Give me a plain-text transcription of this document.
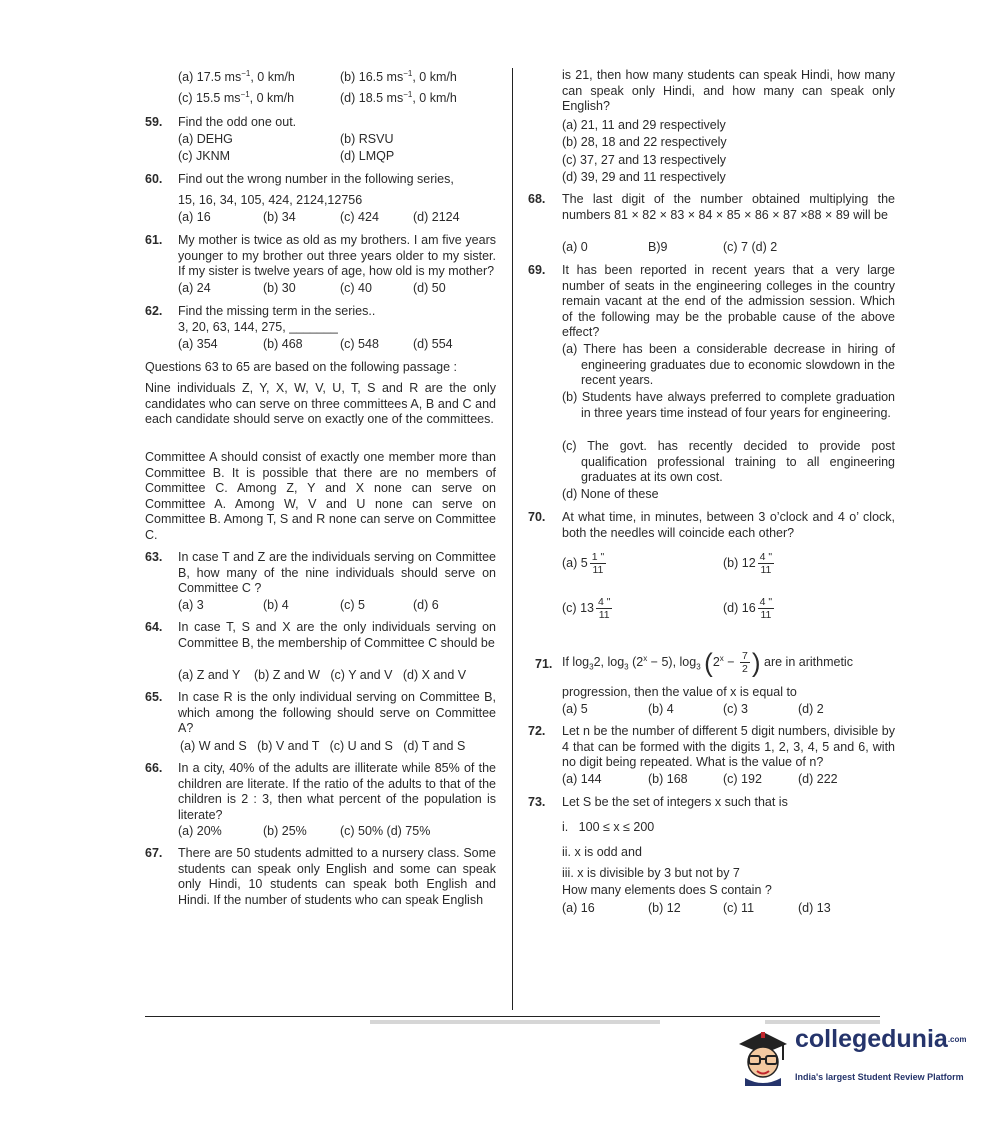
(a) 17.5 $ms^{-1}$, 0 km/h	(b) 16.5 $ms^{-1}$, 0 km/h
(c) 15.5 $ms^{-1}$, 0 km/h	(d) 18.5 $ms^{-1}$, 0 km/h
59. Find the odd one out.
(a) DEHG	(b) RSVU
(c) JKNM	(d) LMQP
60. Find out the wrong number in the following series,
15, 16, 34, 105, 424, 2124,12756
(a) 16	(b) 34	(c) 424	(d) 2124
61. My mother is twice as old as my brothers. I am five years younger to my brother out three years older to my sister. If my sister is twelve years of age, how old is my mother?
(a) 24	(b) 30	(c) 40	(d) 50
62. Find the missing term in the series..
3, 20, 63, 144, 275, _______
(a) 354	(b) 468	(c) 548	(d) 554
Questions 63 to 65 are based on the following passage :
Nine individuals Z, Y, X, W, V, U, T, S and R are the only candidates who can serve on three committees A, B and C and each candidate should serve on exactly one of the committees.
Committee A should consist of exactly one member more than Committee B. It is possible that there are no members of Committee C. Among Z, Y and X none can serve on Committee A. Among W, V and U none can serve on Committee B. Among T, S and R none can serve on Committee C.
63. In case T and Z are the individuals serving on Committee B, how many of the nine individuals should serve on Committee C ?
(a) 3	(b) 4	(c) 5	(d) 6
64. In case T, S and X are the only individuals serving on Committee B, the membership of Committee C should be
(a) Z and Y    (b) Z and W   (c) Y and V   (d) X and V
65. In case R is the only individual serving on Committee B, which among the following should serve on Committee A?
(a) W and S   (b) V and T   (c) U and S   (d) T and S
66. In a city, 40% of the adults are illiterate while 85% of the children are literate. If the ratio of the adults to that of the children is 2 : 3, then what percent of the population is literate?
(a) 20%	(b) 25%	(c) 50% (d) 75%
67. There are 50 students admitted to a nursery class. Some students can speak only English and some can speak only Hindi, 10 students can speak both English and Hindi. If the number of students who can speak English
is 21, then how many students can speak Hindi, how many can speak only Hindi, and how many can speak only English?
(a) 21, 11 and 29 respectively
(b) 28, 18 and 22 respectively
(c) 37, 27 and 13 respectively
(d) 39, 29 and 11 respectively
68. The last digit of the number obtained multiplying the numbers 81 × 82 × 83 × 84 × 85 × 86 × 87 ×88 × 89 will be
(a) 0	B)9	(c) 7 (d) 2
69. It has been reported in recent years that a very large number of seats in the engineering colleges in the country remain vacant at the end of the admission session. Which of the following may be the probable cause of the above effect?
(a) There has been a considerable decrease in hiring of engineering graduates due to economic slowdown in the recent years.
(b) Students have always preferred to complete graduation in three years time instead of four years for engineering.
(c) The govt. has recently decided to provide post qualification professional training to all engineering graduates at its own cost.
(d) None of these
70. At what time, in minutes, between 3 o’clock and 4 o’ clock, both the needles will coincide each other?
(a) $5 \frac{1 "}{11}$	(b) $12 \frac{4 "}{11}$
(c) $13 \frac{4 "}{11}$	(d) $16 \frac{4 "}{11}$
71. If $\log_32$, $\log_3 (2^x - 5)$, $\log_3 (2^x - \frac{7}{2}$ ) are in arithmetic
progression, then the value of x is equal to
(a) 5	(b) 4	(c) 3	(d) 2
72. Let n be the number of different 5 digit numbers, divisible by 4 that can be formed with the digits 1, 2, 3, 4, 5 and 6, with no digit being repeated. What is the value of n?
(a) 144	(b) 168	(c) 192	(d) 222
73. Let S be the set of integers x such that is
i. 100 ≤ x ≤ 200
ii. x is odd and
iii. x is divisible by 3 but not by 7
How many elements does S contain ?
(a) 16	(b) 12	(c) 11	(d) 13
collegedunia$^{.com}$
India's largest Student Review Platform
